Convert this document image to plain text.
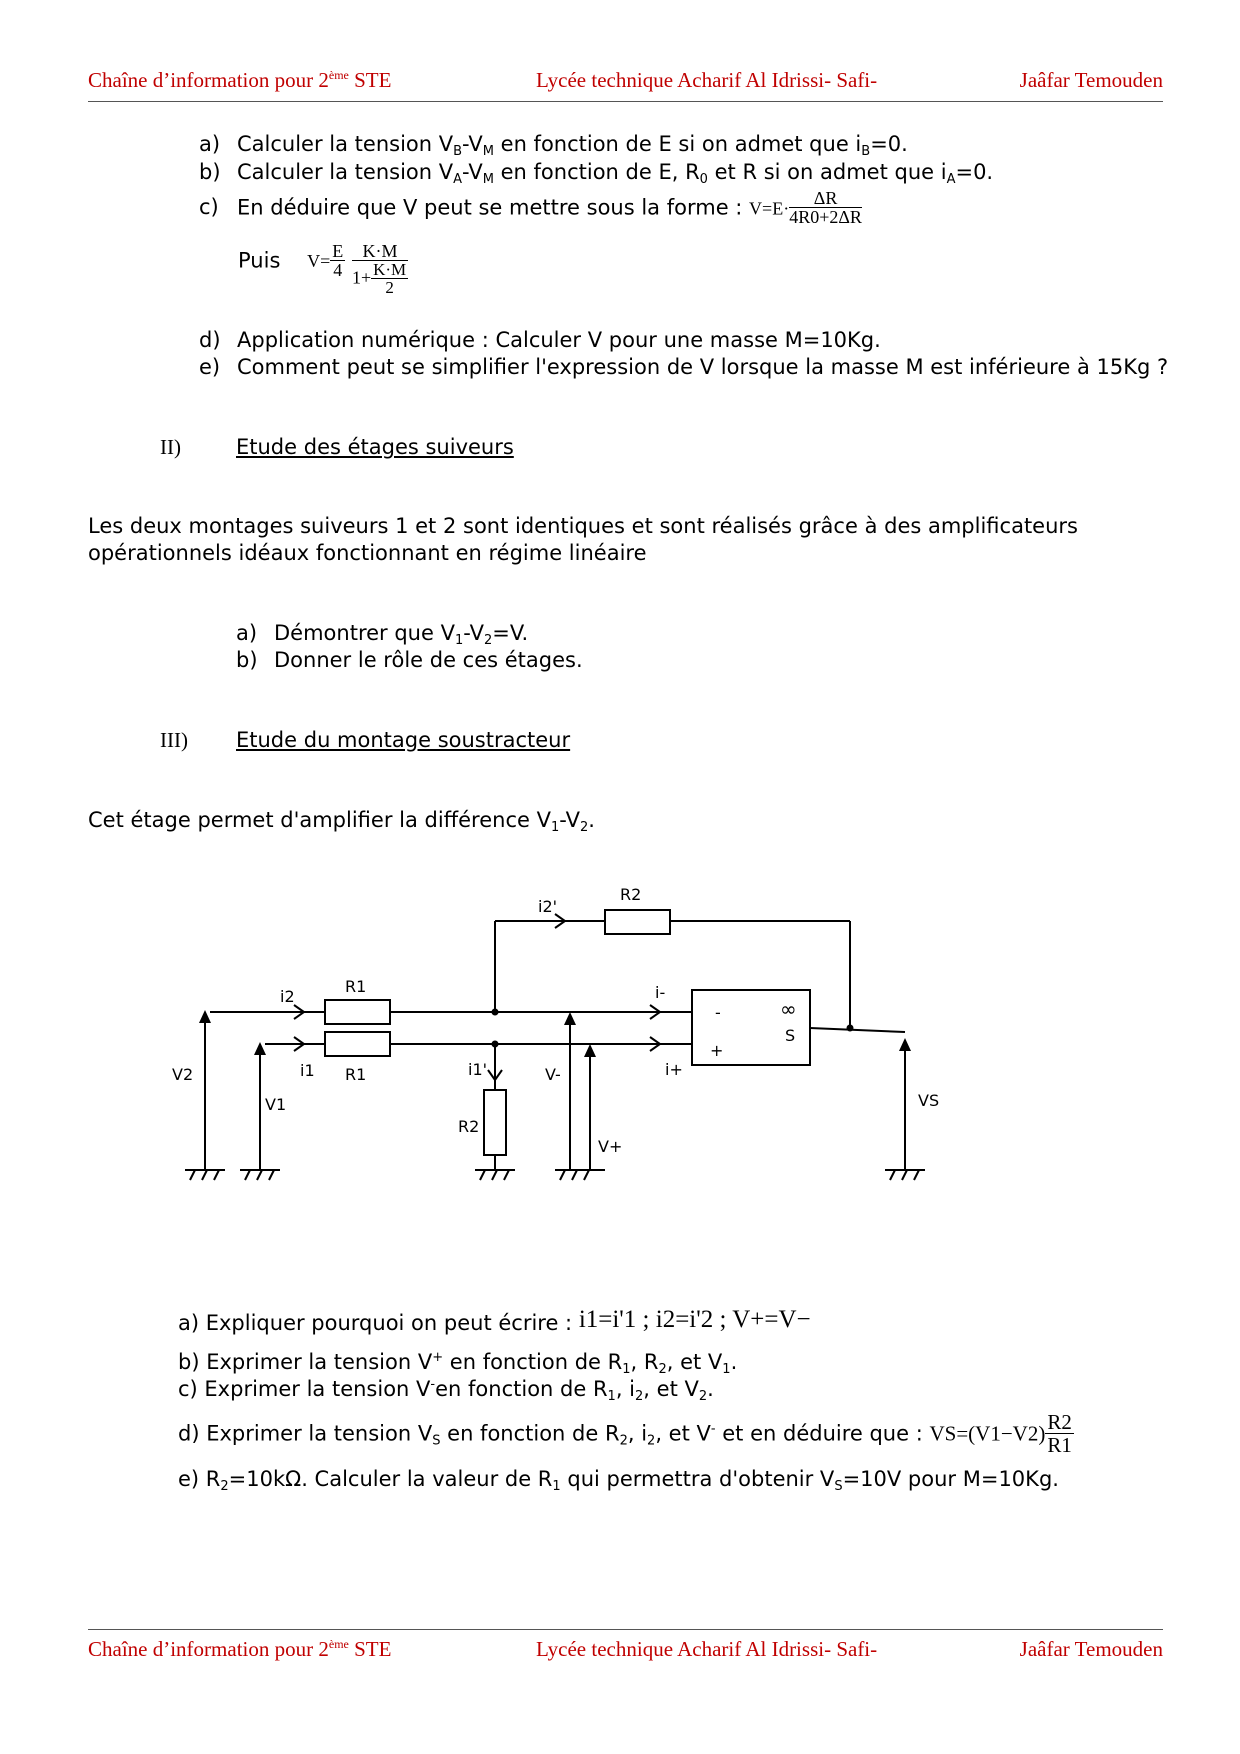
Chaîne d’information pour 2ème STE	Lycée technique Acharif Al Idrissi- Safi-	Jaâfar Temouden
a) Calculer la tension $V_B-V_M$ en fonction de E si on admet que $i_B=0$.
b) Calculer la tension $V_A-V_M$ en fonction de E, $R_0$ et R si on admet que $i_A=0$.
c) En déduire que V peut se mettre sous la forme : $V=E\cdot \frac{\Delta R}{4R0+2\Delta R}$
Puis $V= \frac{E}{4}$
$\frac{K\cdot M}{1+ \frac{K\cdot M}{2}}$
d) Application numérique : Calculer V pour une masse M=10Kg.
e) Comment peut se simplifier l'expression de V lorsque la masse M est inférieure à 15Kg ?
II)	Etude des étages suiveurs
Les deux montages suiveurs 1 et 2 sont identiques et sont réalisés grâce à des amplificateurs
opérationnels idéaux fonctionnant en régime linéaire
a) Démontrer que $V_1-V_2=V$.
b) Donner le rôle de ces étages.
III) Etude du montage soustracteur
Cet étage permet d'amplifier la différence $V_1-V_2$.
R2
i2'
R1
i2	i-
-	∞
S
+
V2	i1 R1	i1'	V-	i+
V1	VS
R2
V+
a) Expliquer pourquoi on peut écrire : i1=i'1 ; i2=i'2 ; V+=V−
b) Exprimer la tension V+ en fonction de $R_1$, $R_2$, et $V_1$.
c) Exprimer la tension V-en fonction de $R_1$, $i_2$, et $V_2$.
d) Exprimer la tension $V_S$ en fonction de $R_2$, $i_2$, et V- et en déduire que : $VS=(V1-V2) \frac{R2}{R1}$
e) $R_2=10k\Omega$. Calculer la valeur de $R_1$ qui permettra d'obtenir $V_S=10V$ pour M=10Kg.
Chaîne d’information pour 2ème STE	Lycée technique Acharif Al Idrissi- Safi-	Jaâfar Temouden
